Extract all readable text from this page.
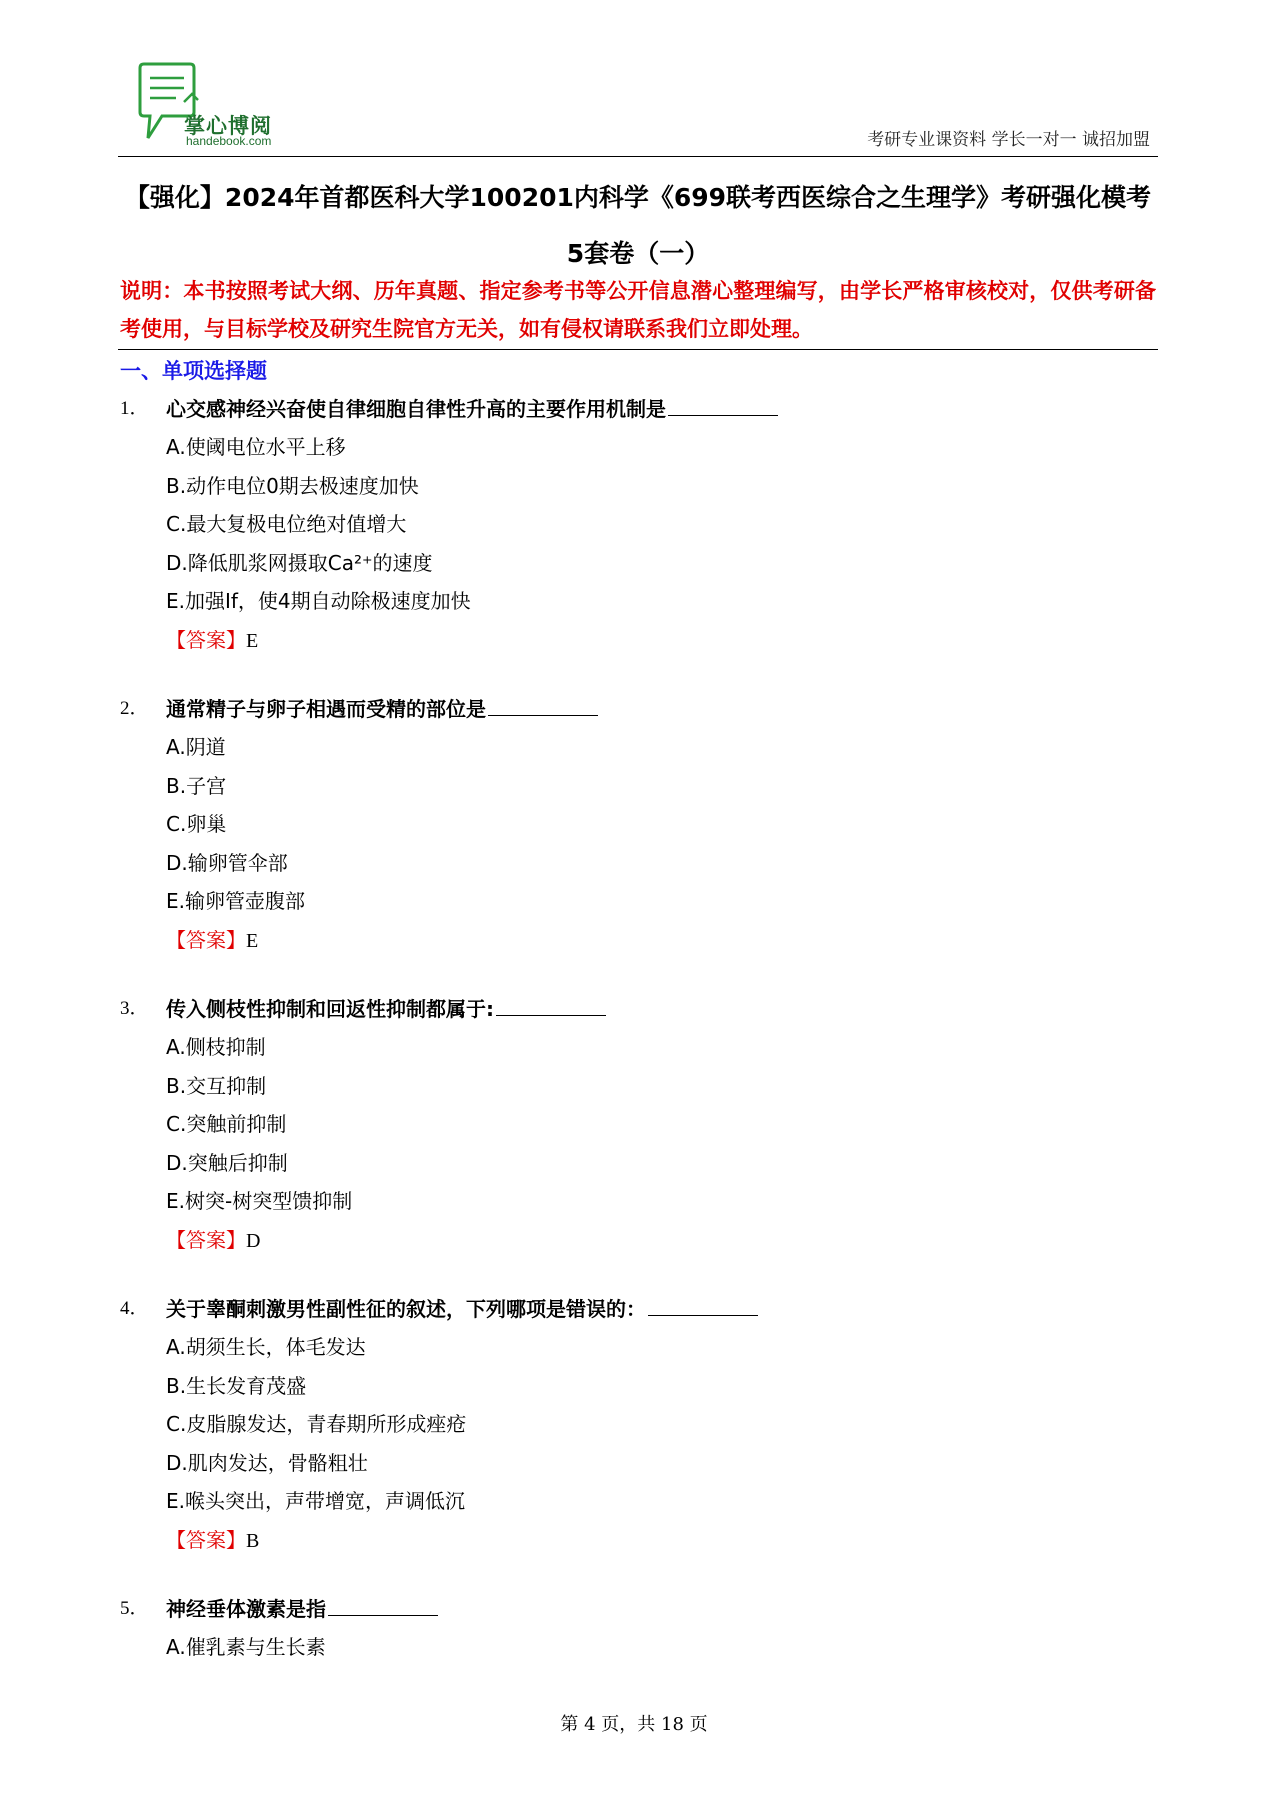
掌心博阅
handebook.com	考研专业课资料 学长一对一 诚招加盟
【强化】2024年首都医科大学100201内科学《699联考西医综合之生理学》考研强化模考5套卷（一）
说明：本书按照考试大纲、历年真题、指定参考书等公开信息潜心整理编写，由学长严格审核校对，仅供考研备考使用，与目标学校及研究生院官方无关，如有侵权请联系我们立即处理。
一、单项选择题
1． 心交感神经兴奋使自律细胞自律性升高的主要作用机制是
A.使阈电位水平上移
B.动作电位0期去极速度加快
C.最大复极电位绝对值增大
D.降低肌浆网摄取Ca²⁺的速度
E.加强If，使4期自动除极速度加快
【答案】E
2． 通常精子与卵子相遇而受精的部位是
A.阴道
B.子宫
C.卵巢
D.输卵管伞部
E.输卵管壶腹部
【答案】E
3． 传入侧枝性抑制和回返性抑制都属于:
A.侧枝抑制
B.交互抑制
C.突触前抑制
D.突触后抑制
E.树突-树突型馈抑制
【答案】D
4． 关于睾酮刺激男性副性征的叙述，下列哪项是错误的：
A.胡须生长，体毛发达
B.生长发育茂盛
C.皮脂腺发达，青春期所形成痤疮
D.肌肉发达，骨骼粗壮
E.喉头突出，声带增宽，声调低沉
【答案】B
5． 神经垂体激素是指
A.催乳素与生长素
第 4 页，共 18 页
